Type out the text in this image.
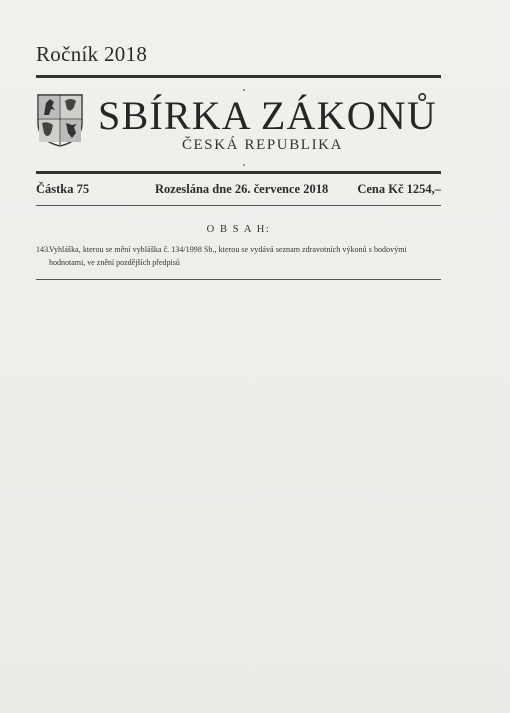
Ročník 2018
SBÍRKA ZÁKONŮ
ČESKÁ REPUBLIKA
Částka 75	Rozeslána dne 26. července 2018 Cena Kč 1254,–
O B S A H:
143.Vyhláška, kterou se mění vyhláška č. 134/1998 Sb., kterou se vydává seznam zdravotních výkonů s bodovými
hodnotami, ve znění pozdějších předpisů
